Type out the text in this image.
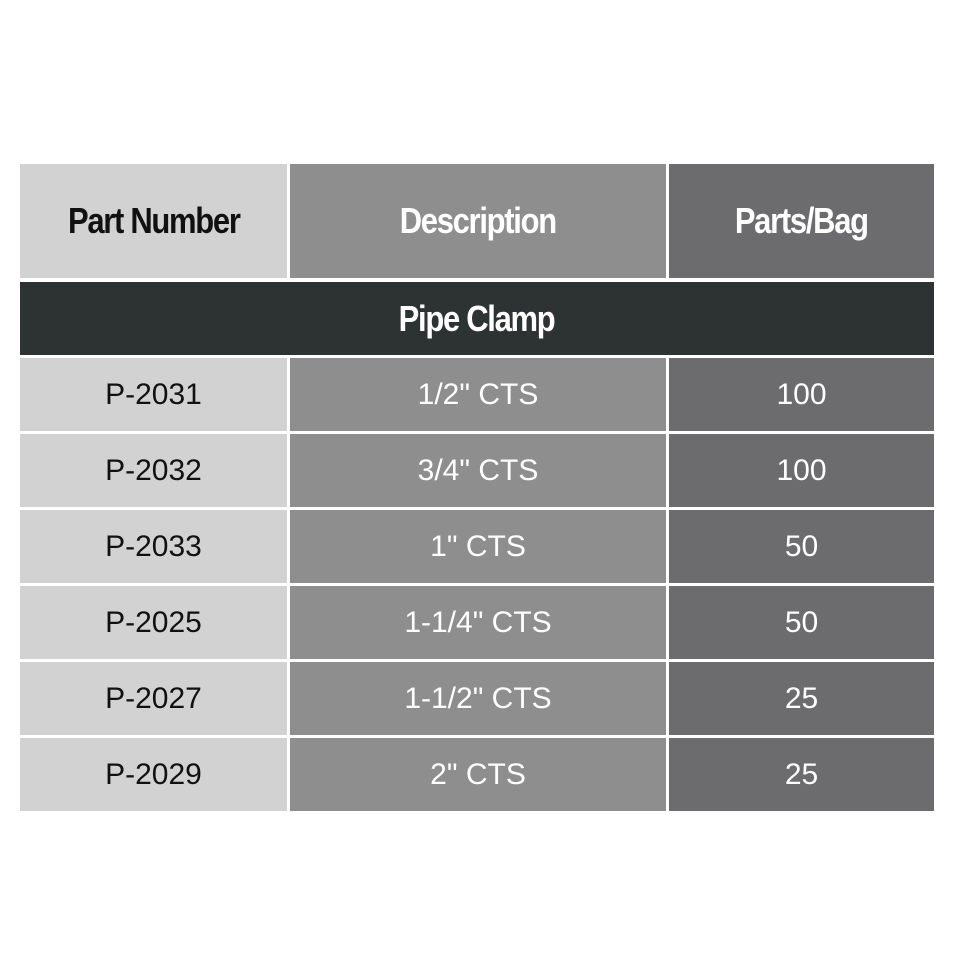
Part Number	Description	Parts/Bag
Pipe Clamp
P-2031	1/2" CTS	100
P-2032	3/4" CTS	100
P-2033	1" CTS	50
P-2025	1-1/4" CTS	50
P-2027	1-1/2" CTS	25
P-2029	2" CTS	25
